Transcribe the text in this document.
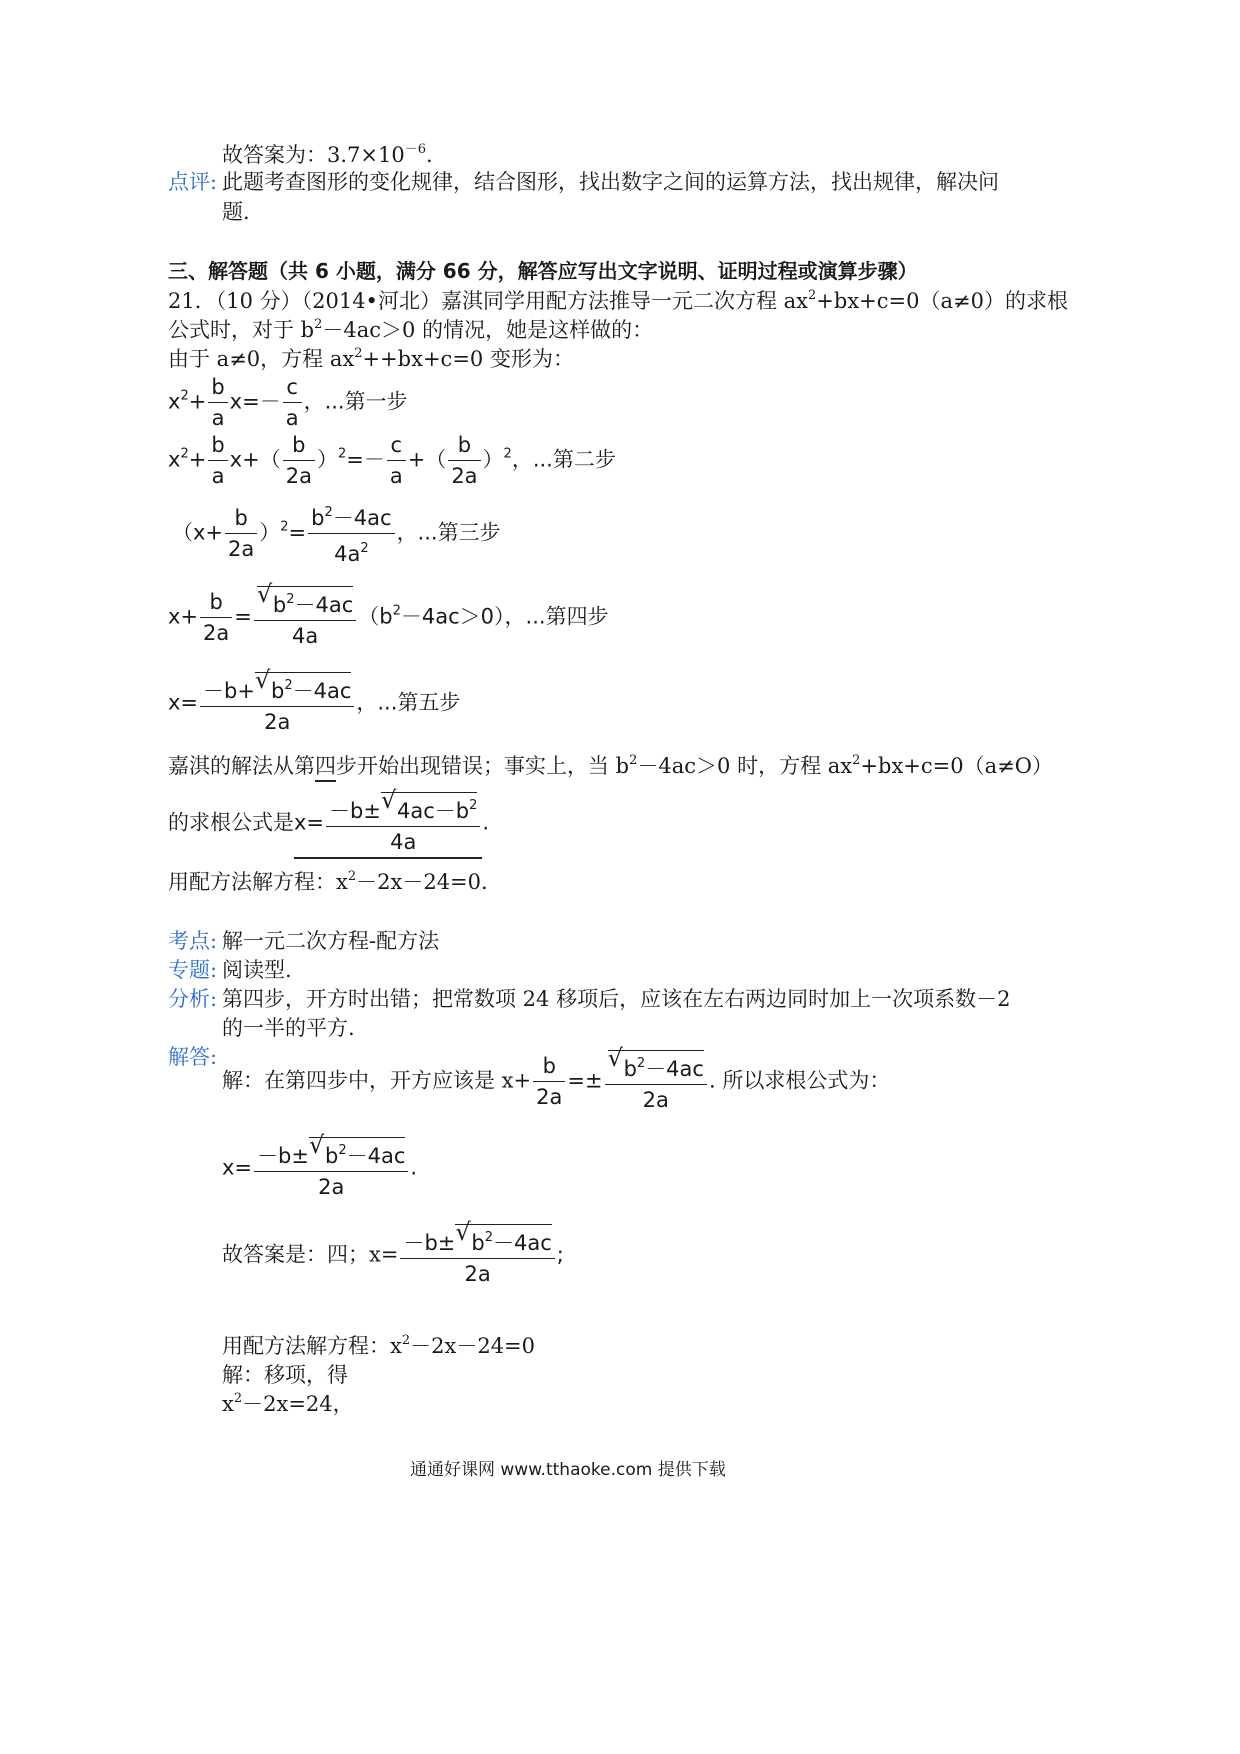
故答案为：$3.7\times 10^{-6}$.
点评: 此题考查图形的变化规律，结合图形，找出数字之间的运算方法，找出规律，解决问
题.
三、解答题（共 6 小题，满分 66 分，解答应写出文字说明、证明过程或演算步骤）
21．（10 分）（2014•河北）嘉淇同学用配方法推导一元二次方程 $ax^2+bx+c=0(a\ne 0)$的求根
公式时，对于 $b^2-4ac>0$ 的情况，她是这样做的：
由于 a≠0，方程 $ax^2++bx+c=0$ 变形为：
$x^2+ \frac{b}{a} x=- \frac{c}{a}$ ，...第一步
$x^2+ \frac{b}{a} x+( \frac{b}{2a} )^2=- \frac{c}{a}$ +（ $\frac{b}{2a} )^2$，...第二步
$(x+ \frac{b}{2a} )^2= \frac{b^2-4ac}{4a^2}$ ，...第三步
$x+ \frac{b}{2a}$ = √ $\frac{b^2-4ac}{4a} (b^2-4ac>0)$，...第四步
$x= \frac{-b+ √ b^2-4ac}{2a}$ ，...第五步
嘉淇的解法从第四步开始出现错误；事实上，当 $b^2-4ac>0$ 时，方程 $ax^2+bx+c=0(a\ne O)$
的求根公式是$x= \frac{-b\pm √ 4ac-b^2}{4a}$ .
用配方法解方程：$x^2-2x-24=0$.
考点: 解一元二次方程-配方法
专题: 阅读型.
分析: 第四步，开方时出错；把常数项 24 移项后，应该在左右两边同时加上一次项系数－2
的一半的平方.
解答:
解：在第四步中，开方应该是 $x+ \frac{b}{2a}$ =± √ $\frac{b^2-4ac}{2a}$ . 所以求根公式为：
$x= \frac{-b\pm √ b^2-4ac}{2a}$ .
故答案是：四；$x= \frac{-b\pm √ b^2-4ac}{2a}$ ;
用配方法解方程：$x^2-2x-24=0$
解：移项，得
$x^2-2x=24$，
通通好课网 www.tthaoke.com 提供下载
